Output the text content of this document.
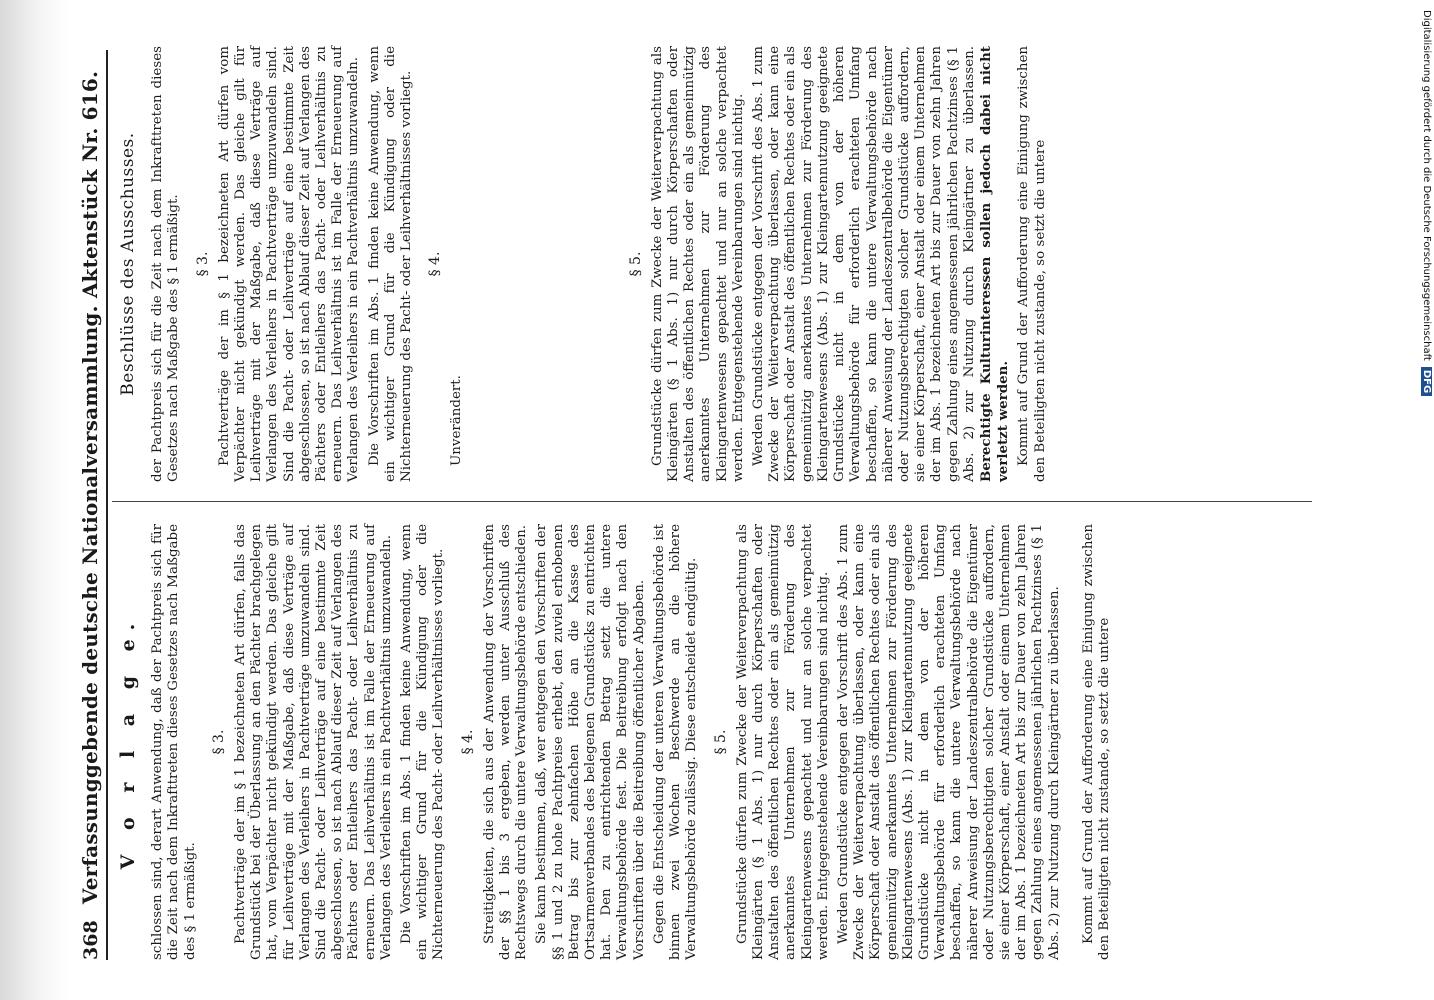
368
Verfassunggebende deutsche Nationalversammlung. Aktenstück Nr. 616. V o r l a g e. schlossen sind, derart Anwendung, daß der Pachtpreis sich für die Zeit nach dem Inkrafttreten dieses Gesetzes nach Maßgabe des § 1 ermäßigt.

§ 3. Pachtverträge der im § 1 bezeichneten Art dürfen, falls das Grundstück bei der Überlassung an den Pächter brachgelegen hat, vom Verpächter nicht gekündigt werden. Das gleiche gilt für Leihverträge mit der Maßgabe, daß diese Verträge auf Verlangen des Verleihers in Pachtverträge umzuwandeln sind. Sind die Pacht- oder Leihverträge auf eine bestimmte Zeit abgeschlossen, so ist nach Ablauf dieser Zeit auf Verlangen des Pächters oder Entleihers das Pacht- oder Leihverhältnis zu erneuern. Das Leihverhältnis ist im Falle der Erneuerung auf Verlangen des Verleihers in ein Pachtverhältnis umzuwandeln. Die Vorschriften im Abs. 1 finden keine Anwendung, wenn ein wichtiger Grund für die Kündigung oder die Nichterneuerung des Pacht- oder Leihverhältnisses vorliegt. § 4. Streitigkeiten, die sich aus der Anwendung der Vorschriften der §§ 1 bis 3 ergeben, werden unter Ausschluß des Rechtswegs durch die untere Verwaltungsbehörde entschieden. Sie kann bestimmen, daß, wer entgegen den Vorschriften der §§ 1 und 2 zu hohe Pachtpreise erhebt, den zuviel erhobenen Betrag bis zur zehnfachen Höhe an die Kasse des Ortsarmenverbandes des belegenen Grundstücks zu entrichten hat. Den zu entrichtenden Betrag setzt die untere Verwaltungsbehörde fest. Die Beitreibung erfolgt nach den Vorschriften über die Beitreibung öffentlicher Abgaben. Gegen die Entscheidung der unteren Verwaltungsbehörde ist binnen zwei Wochen Beschwerde an die höhere Verwaltungsbehörde zulässig. Diese entscheidet endgültig. § 5. Grundstücke dürfen zum Zwecke der Weiterverpachtung als Kleingärten (§ 1 Abs. 1) nur durch Körperschaften oder Anstalten des öffentlichen Rechtes oder ein als gemeinnützig anerkanntes Unternehmen zur Förderung des Kleingartenwesens gepachtet und nur an solche verpachtet werden. Entgegenstehende Vereinbarungen sind nichtig. Werden Grundstücke entgegen der Vorschrift des Abs. 1 zum Zwecke der Weiterverpachtung überlassen, oder kann eine Körperschaft oder Anstalt des öffentlichen Rechtes oder ein als gemeinnützig anerkanntes Unternehmen zur Förderung des Kleingartenwesens (Abs. 1) zur Kleingartennutzung geeignete Grundstücke nicht in dem von der höheren Verwaltungsbehörde für erforderlich erachteten Umfang beschaffen, so kann die untere Verwaltungsbehörde nach näherer Anweisung der Landeszentralbehörde die Eigentümer oder Nutzungsberechtigten solcher Grundstücke auffordern, sie einer Körperschaft, einer Anstalt oder einem Unternehmen der im Abs. 1 bezeichneten Art bis zur Dauer von zehn Jahren gegen Zahlung eines angemessenen jährlichen Pachtzinses (§ 1 Abs. 2) zur Nutzung durch Kleingärtner zu überlassen. Kommt auf Grund der Aufforderung eine Einigung zwischen den Beteiligten nicht zustande, so setzt die untere

Beschlüsse des Ausschusses. der Pachtpreis sich für die Zeit nach dem Inkrafttreten dieses Gesetzes nach Maßgabe des § 1 ermäßigt. § 3. Pachtverträge der im § 1 bezeichneten Art dürfen vom Verpächter nicht gekündigt werden. Das gleiche gilt für Leihverträge mit der Maßgabe, daß diese Verträge auf Verlangen des Verleihers in Pachtverträge umzuwandeln sind. Sind die Pacht- oder Leihverträge auf eine bestimmte Zeit abgeschlossen, so ist nach Ablauf dieser Zeit auf Verlangen des Pächters oder Entleihers das Pacht- oder Leihverhältnis zu erneuern. Das Leihverhältnis ist im Falle der Erneuerung auf Verlangen des Verleihers in ein Pachtverhältnis umzuwandeln. Die Vorschriften im Abs. 1 finden keine Anwendung, wenn ein wichtiger Grund für die Kündigung oder die Nichterneuerung des Pacht- oder Leihverhältnisses vorliegt. § 4.

Unverändert.

§ 5. Grundstücke dürfen zum Zwecke der Weiterverpachtung als Kleingärten (§ 1 Abs. 1) nur durch Körperschaften oder Anstalten des öffentlichen Rechtes oder ein als gemeinnützig anerkanntes Unternehmen zur Förderung des Kleingartenwesens gepachtet und nur an solche verpachtet werden. Entgegenstehende Vereinbarungen sind nichtig. Werden Grundstücke entgegen der Vorschrift des Abs. 1 zum Zwecke der Weiterverpachtung überlassen, oder kann eine Körperschaft oder Anstalt des öffentlichen Rechtes oder ein als gemeinnützig anerkanntes Unternehmen zur Förderung des Kleingartenwesens (Abs. 1) zur Kleingartennutzung geeignete Grundstücke nicht in dem von der höheren Verwaltungsbehörde für erforderlich erachteten Umfang beschaffen, so kann die untere Verwaltungsbehörde nach näherer Anweisung der Landeszentralbehörde die Eigentümer oder Nutzungsberechtigten solcher Grundstücke auffordern, sie einer Körperschaft, einer Anstalt oder einem Unternehmen der im Abs. 1 bezeichneten Art bis zur Dauer von zehn Jahren gegen Zahlung eines angemessenen jährlichen Pachtzinses (§ 1 Abs. 2) zur Nutzung durch Kleingärtner zu überlassen. Berechtigte Kulturinteressen sollen jedoch dabei nicht verletzt werden. Kommt auf Grund der Aufforderung eine Einigung zwischen den Beteiligten nicht zustande, so setzt die untere	Digitalisierung gefördert durch die Deutsche ForschungsgemeinschaftDFG
